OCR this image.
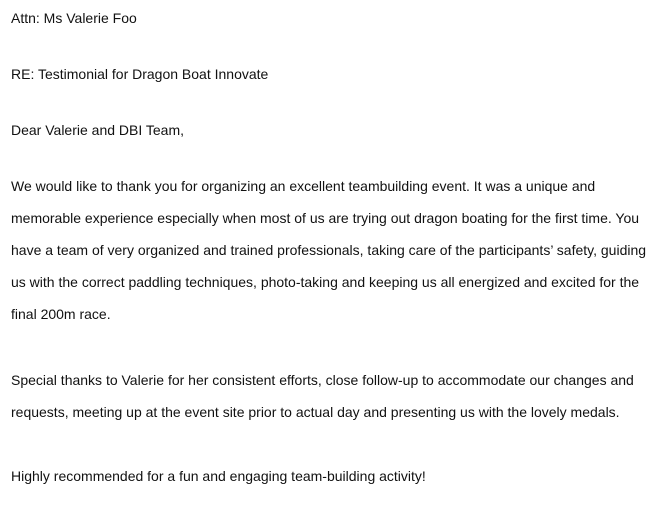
Attn: Ms Valerie Foo

RE: Testimonial for Dragon Boat Innovate

Dear Valerie and DBI Team,

We would like to thank you for organizing an excellent teambuilding event. It was a unique and

memorable experience especially when most of us are trying out dragon boating for the first time. You

have a team of very organized and trained professionals, taking care of the participants’ safety, guiding

us with the correct paddling techniques, photo-taking and keeping us all energized and excited for the

final 200m race.

Special thanks to Valerie for her consistent efforts, close follow-up to accommodate our changes and

requests, meeting up at the event site prior to actual day and presenting us with the lovely medals.

Highly recommended for a fun and engaging team-building activity!
